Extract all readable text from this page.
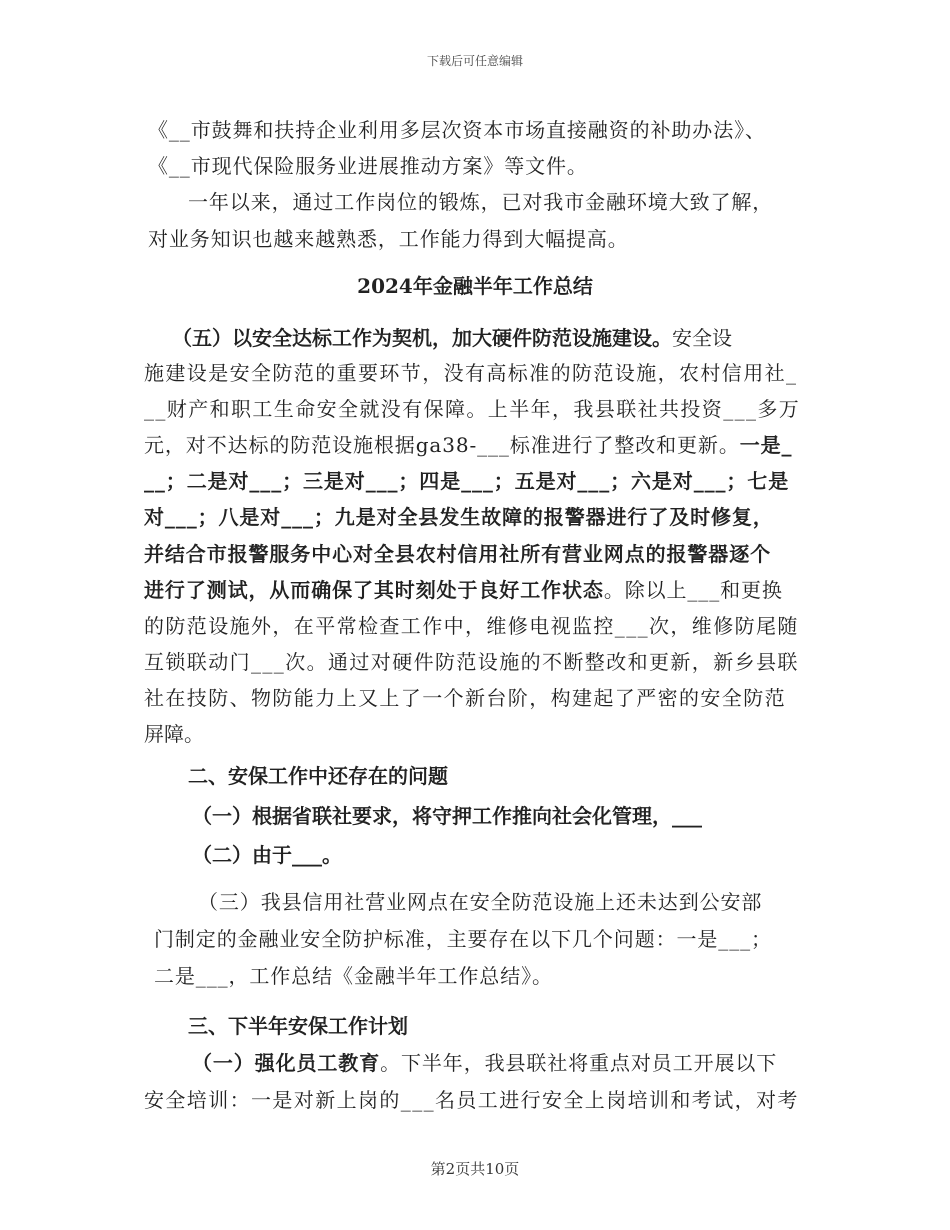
下载后可任意编辑
《__市鼓舞和扶持企业利用多层次资本市场直接融资的补助办法》、
《__市现代保险服务业进展推动方案》等文件。
一年以来，通过工作岗位的锻炼，已对我市金融环境大致了解，
对业务知识也越来越熟悉，工作能力得到大幅提高。
2024年金融半年工作总结
（五）以安全达标工作为契机，加大硬件防范设施建设。安全设
施建设是安全防范的重要环节，没有高标准的防范设施，农村信用社_
__财产和职工生命安全就没有保障。上半年，我县联社共投资___多万
元，对不达标的防范设施根据ga38-___标准进行了整改和更新。一是_
__；二是对___；三是对___；四是___；五是对___；六是对___；七是
对___；八是对___；九是对全县发生故障的报警器进行了及时修复，
并结合市报警服务中心对全县农村信用社所有营业网点的报警器逐个
进行了测试，从而确保了其时刻处于良好工作状态。除以上___和更换
的防范设施外，在平常检查工作中，维修电视监控___次，维修防尾随
互锁联动门___次。通过对硬件防范设施的不断整改和更新，新乡县联
社在技防、物防能力上又上了一个新台阶，构建起了严密的安全防范
屏障。
二、安保工作中还存在的问题
（一）根据省联社要求，将守押工作推向社会化管理，___
（二）由于___。
（三）我县信用社营业网点在安全防范设施上还未达到公安部
门制定的金融业安全防护标准，主要存在以下几个问题：一是___；
二是___，工作总结《金融半年工作总结》。
三、下半年安保工作计划
（一）强化员工教育。下半年，我县联社将重点对员工开展以下
安全培训：一是对新上岗的___名员工进行安全上岗培训和考试，对考
第2页共10页
